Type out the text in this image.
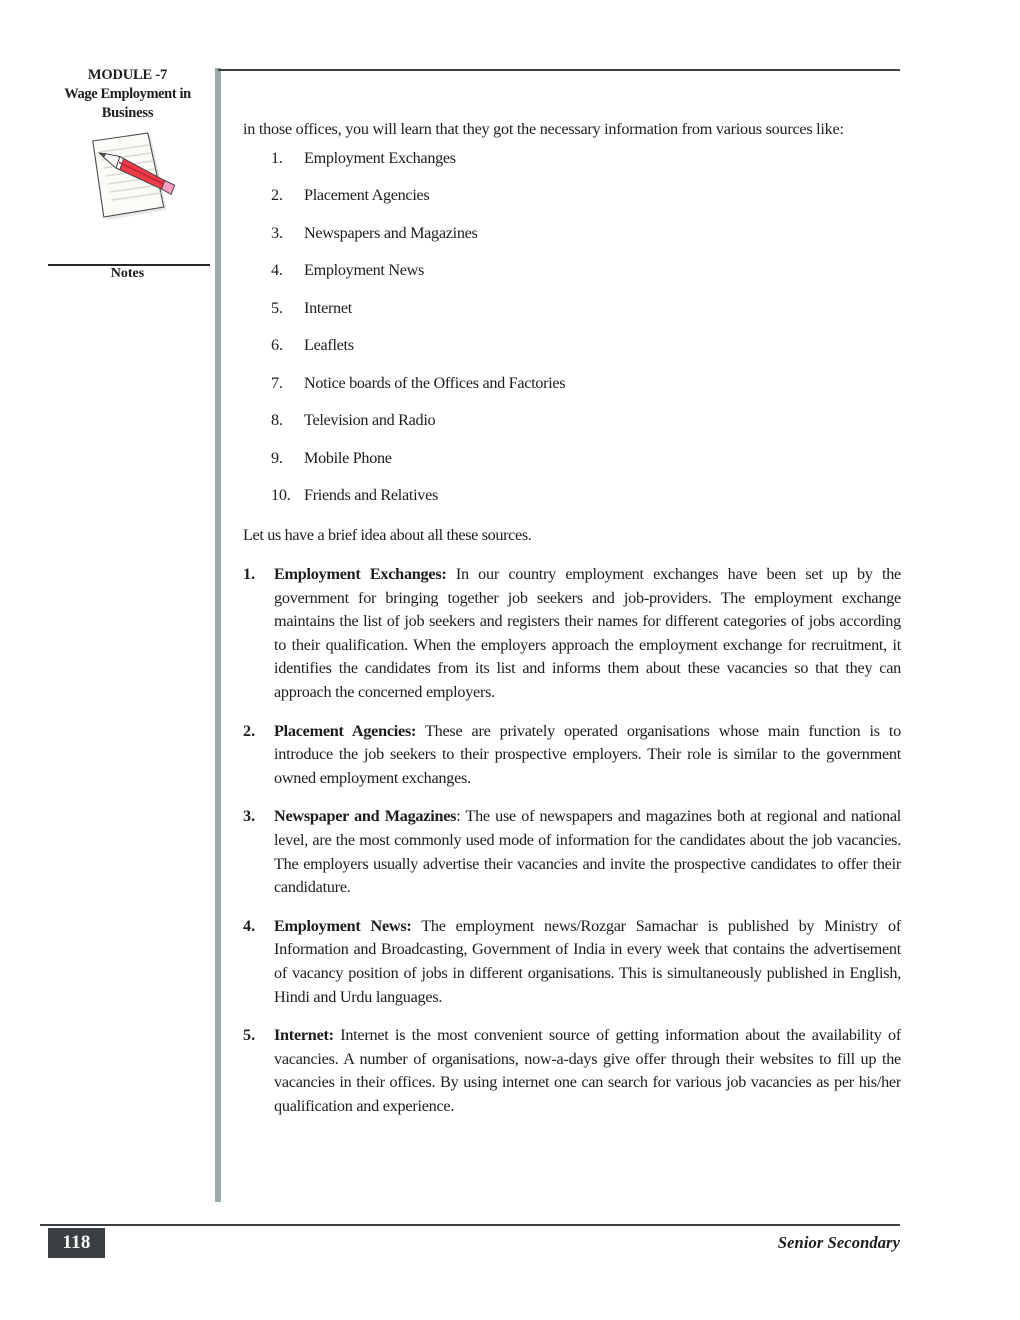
MODULE -7
Wage Employment in
Business
Notes

in those offices, you will learn that they got the necessary information from various sources like:

1.	Employment Exchanges
2.	Placement Agencies
3.	Newspapers and Magazines
4.	Employment News
5.	Internet
6.	Leaflets
7.	Notice boards of the Offices and Factories
8.	Television and Radio
9.	Mobile Phone
10. Friends and Relatives

Let us have a brief idea about all these sources.

1.	Employment Exchanges: In our country employment exchanges have been set up by the government for bringing together job seekers and job-providers. The employment exchange maintains the list of job seekers and registers their names for different categories of jobs according to their qualification. When the employers approach the employment exchange for recruitment, it identifies the candidates from its list and informs them about these vacancies so that they can approach the concerned employers.
2.	Placement Agencies: These are privately operated organisations whose main function is to introduce the job seekers to their prospective employers. Their role is similar to the government owned employment exchanges.
3.	Newspaper and Magazines: The use of newspapers and magazines both at regional and national level, are the most commonly used mode of information for the candidates about the job vacancies. The employers usually advertise their vacancies and invite the prospective candidates to offer their candidature.
4.	Employment News: The employment news/Rozgar Samachar is published by Ministry of Information and Broadcasting, Government of India in every week that contains the advertisement of vacancy position of jobs in different organisations. This is simultaneously published in English, Hindi and Urdu languages.
5.	Internet: Internet is the most convenient source of getting information about the availability of vacancies. A number of organisations, now-a-days give offer through their websites to fill up the vacancies in their offices. By using internet one can search for various job vacancies as per his/her qualification and experience.
118	Senior Secondary
